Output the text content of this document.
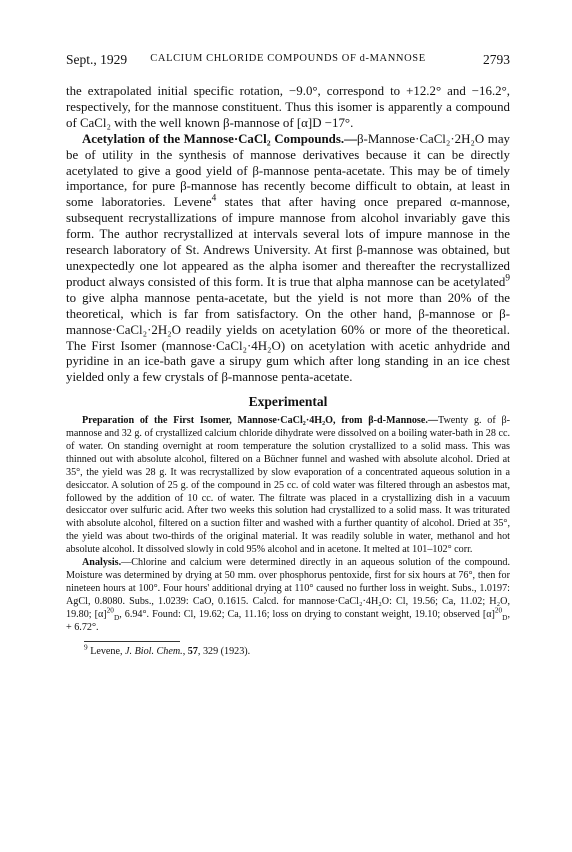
Sept., 1929	CALCIUM CHLORIDE COMPOUNDS OF d-MANNOSE	2793

the extrapolated initial specific rotation, −9.0°, correspond to +12.2° and −16.2°, respectively, for the mannose constituent. Thus this isomer is apparently a compound of CaCl₂ with the well known β-mannose of [α]D −17°.

Acetylation of the Mannose·CaCl₂ Compounds.—β-Mannose·CaCl₂·2H₂O may be of utility in the synthesis of mannose derivatives because it can be directly acetylated to give a good yield of β-mannose penta-acetate. This may be of timely importance, for pure β-mannose has recently become difficult to obtain, at least in some laboratories. Levene$^4$ states that after having once prepared α-mannose, subsequent recrystallizations of impure mannose from alcohol invariably gave this form. The author recrystallized at intervals several lots of impure mannose in the research laboratory of St. Andrews University. At first β-mannose was obtained, but unexpectedly one lot appeared as the alpha isomer and thereafter the recrystallized product always consisted of this form. It is true that alpha mannose can be acetylated$^9$ to give alpha mannose penta-acetate, but the yield is not more than 20% of the theoretical, which is far from satisfactory. On the other hand, β-mannose or β-mannose·CaCl₂·2H₂O readily yields on acetylation 60% or more of the theoretical. The First Isomer (mannose·CaCl₂·4H₂O) on acetylation with acetic anhydride and pyridine in an ice-bath gave a sirupy gum which after long standing in an ice chest yielded only a few crystals of β-mannose penta-acetate.

Experimental

Preparation of the First Isomer, Mannose·CaCl₂·4H₂O, from β-d-Mannose.—Twenty g. of β-mannose and 32 g. of crystallized calcium chloride dihydrate were dissolved on a boiling water-bath in 28 cc. of water. On standing overnight at room temperature the solution crystallized to a solid mass. This was thinned out with absolute alcohol, filtered on a Büchner funnel and washed with absolute alcohol. Dried at 35°, the yield was 28 g. It was recrystallized by slow evaporation of a concentrated aqueous solution in a desiccator. A solution of 25 g. of the compound in 25 cc. of cold water was filtered through an asbestos mat, followed by the addition of 10 cc. of water. The filtrate was placed in a crystallizing dish in a vacuum desiccator over sulfuric acid. After two weeks this solution had crystallized to a solid mass. It was triturated with absolute alcohol, filtered on a suction filter and washed with a further quantity of alcohol. Dried at 35°, the yield was about two-thirds of the original material. It was readily soluble in water, methanol and hot absolute alcohol. It dissolved slowly in cold 95% alcohol and in acetone. It melted at 101–102° corr.

Analysis.—Chlorine and calcium were determined directly in an aqueous solution of the compound. Moisture was determined by drying at 50 mm. over phosphorus pentoxide, first for six hours at 76°, then for nineteen hours at 100°. Four hours' additional drying at 110° caused no further loss in weight. Subs., 1.0197: AgCl, 0.8080. Subs., 1.0239: CaO, 0.1615. Calcd. for mannose·CaCl₂·4H₂O: Cl, 19.56; Ca, 11.02; H₂O, 19.80; $[\alpha]^{20}_D$, 6.94°. Found: Cl, 19.62; Ca, 11.16; loss on drying to constant weight, 19.10; observed $[\alpha]^{20}_D$, + 6.72°.

$^9$ Levene, J. Biol. Chem., 57, 329 (1923).
